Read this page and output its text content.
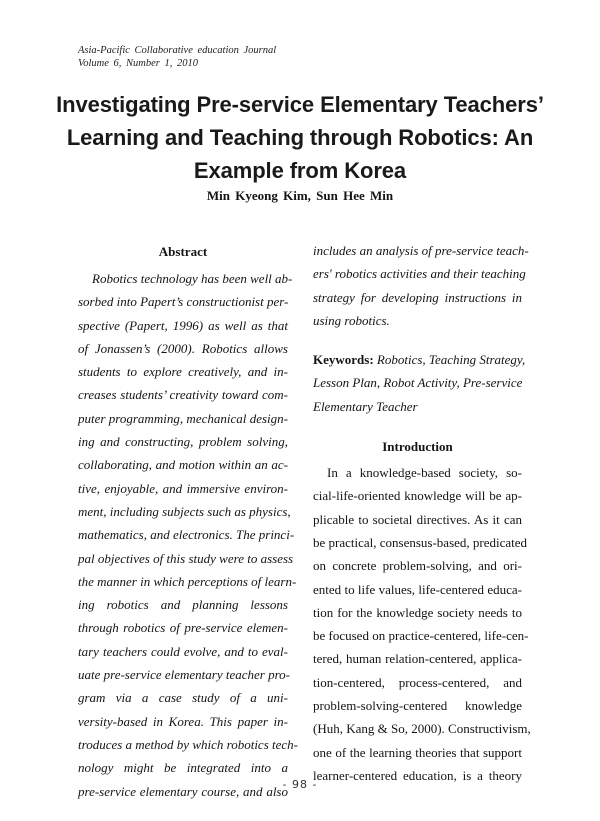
Asia-Pacific Collaborative education Journal
Volume 6, Number 1, 2010
Investigating Pre-service Elementary Teachers’
Learning and Teaching through Robotics: An
Example from Korea
Min Kyeong Kim, Sun Hee Min
Abstract
Robotics technology has been well ab-
sorbed into Papert’s constructionist per-
spective (Papert, 1996) as well as that
of Jonassen’s (2000). Robotics allows
students to explore creatively, and in-
creases students’ creativity toward com-
puter programming, mechanical design-
ing and constructing, problem solving,
collaborating, and motion within an ac-
tive, enjoyable, and immersive environ-
ment, including subjects such as physics,
mathematics, and electronics. The princi-
pal objectives of this study were to assess
the manner in which perceptions of learn-
ing robotics and planning lessons
through robotics of pre-service elemen-
tary teachers could evolve, and to eval-
uate pre-service elementary teacher pro-
gram via a case study of a uni-
versity-based in Korea. This paper in-
troduces a method by which robotics tech-
nology might be integrated into a
pre-service elementary course, and also
includes an analysis of pre-service teach-
ers' robotics activities and their teaching
strategy for developing instructions in
using robotics.
Keywords: Robotics, Teaching Strategy,
Lesson Plan, Robot Activity, Pre-service
Elementary Teacher
Introduction
In a knowledge-based society, so-
cial-life-oriented knowledge will be ap-
plicable to societal directives. As it can
be practical, consensus-based, predicated
on concrete problem-solving, and ori-
ented to life values, life-centered educa-
tion for the knowledge society needs to
be focused on practice-centered, life-cen-
tered, human relation-centered, applica-
tion-centered, process-centered, and
problem-solving-centered knowledge
(Huh, Kang & So, 2000). Constructivism,
one of the learning theories that support
learner-centered education, is a theory
- 98 -
